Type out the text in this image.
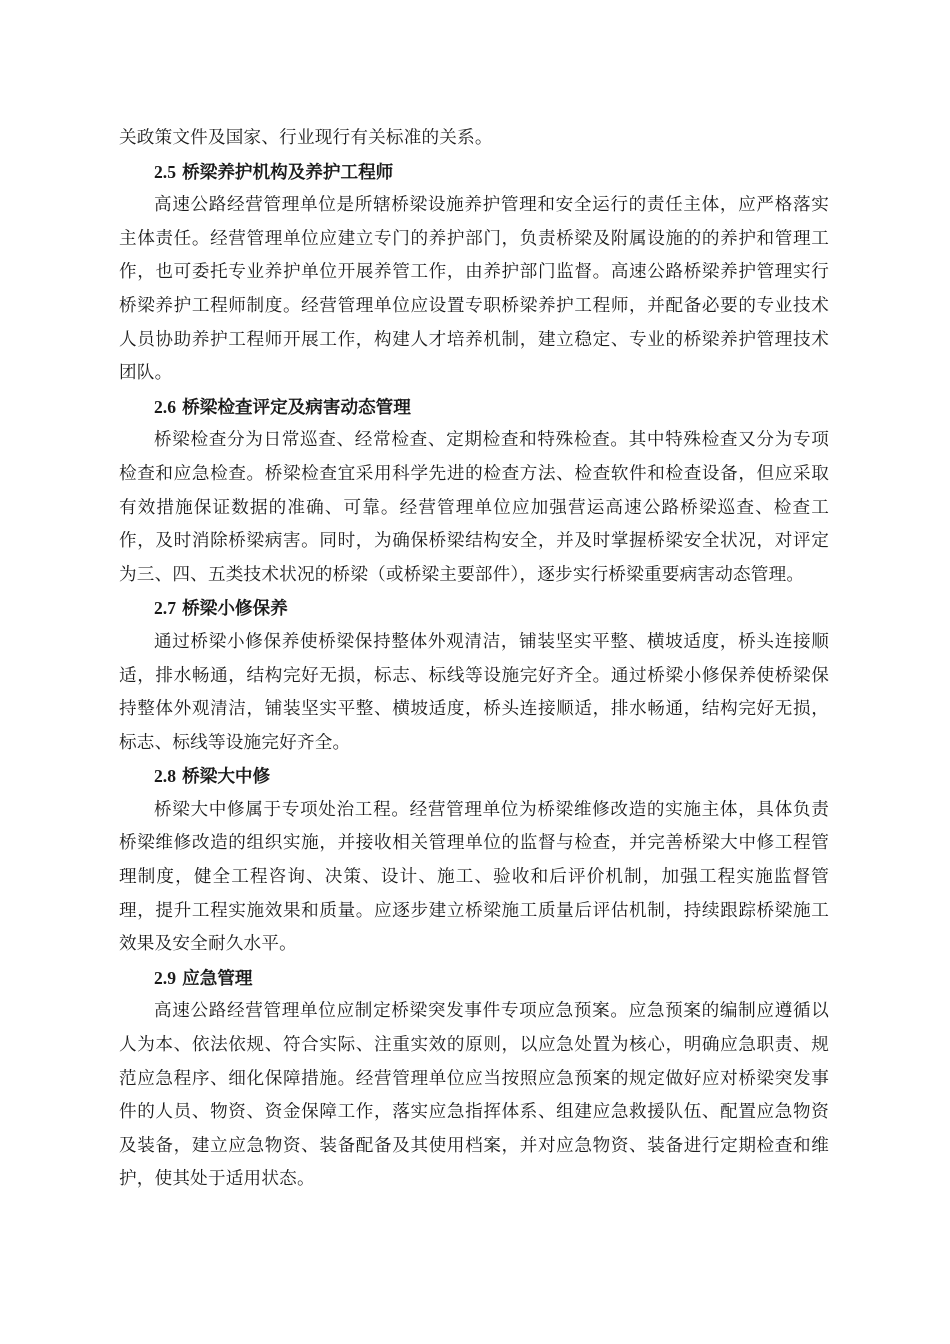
关政策文件及国家、行业现行有关标准的关系。

2.5 桥梁养护机构及养护工程师

高速公路经营管理单位是所辖桥梁设施养护管理和安全运行的责任主体，应严格落实主体责任。经营管理单位应建立专门的养护部门，负责桥梁及附属设施的的养护和管理工作，也可委托专业养护单位开展养管工作，由养护部门监督。高速公路桥梁养护管理实行桥梁养护工程师制度。经营管理单位应设置专职桥梁养护工程师，并配备必要的专业技术人员协助养护工程师开展工作，构建人才培养机制，建立稳定、专业的桥梁养护管理技术团队。

2.6 桥梁检查评定及病害动态管理

桥梁检查分为日常巡查、经常检查、定期检查和特殊检查。其中特殊检查又分为专项检查和应急检查。桥梁检查宜采用科学先进的检查方法、检查软件和检查设备，但应采取有效措施保证数据的准确、可靠。经营管理单位应加强营运高速公路桥梁巡查、检查工作，及时消除桥梁病害。同时，为确保桥梁结构安全，并及时掌握桥梁安全状况，对评定为三、四、五类技术状况的桥梁（或桥梁主要部件），逐步实行桥梁重要病害动态管理。

2.7 桥梁小修保养

通过桥梁小修保养使桥梁保持整体外观清洁，铺装坚实平整、横坡适度，桥头连接顺适，排水畅通，结构完好无损，标志、标线等设施完好齐全。通过桥梁小修保养使桥梁保持整体外观清洁，铺装坚实平整、横坡适度，桥头连接顺适，排水畅通，结构完好无损，标志、标线等设施完好齐全。

2.8 桥梁大中修

桥梁大中修属于专项处治工程。经营管理单位为桥梁维修改造的实施主体，具体负责桥梁维修改造的组织实施，并接收相关管理单位的监督与检查，并完善桥梁大中修工程管理制度，健全工程咨询、决策、设计、施工、验收和后评价机制，加强工程实施监督管理，提升工程实施效果和质量。应逐步建立桥梁施工质量后评估机制，持续跟踪桥梁施工效果及安全耐久水平。

2.9 应急管理

高速公路经营管理单位应制定桥梁突发事件专项应急预案。应急预案的编制应遵循以人为本、依法依规、符合实际、注重实效的原则，以应急处置为核心，明确应急职责、规范应急程序、细化保障措施。经营管理单位应当按照应急预案的规定做好应对桥梁突发事件的人员、物资、资金保障工作，落实应急指挥体系、组建应急救援队伍、配置应急物资及装备，建立应急物资、装备配备及其使用档案，并对应急物资、装备进行定期检查和维护，使其处于适用状态。
